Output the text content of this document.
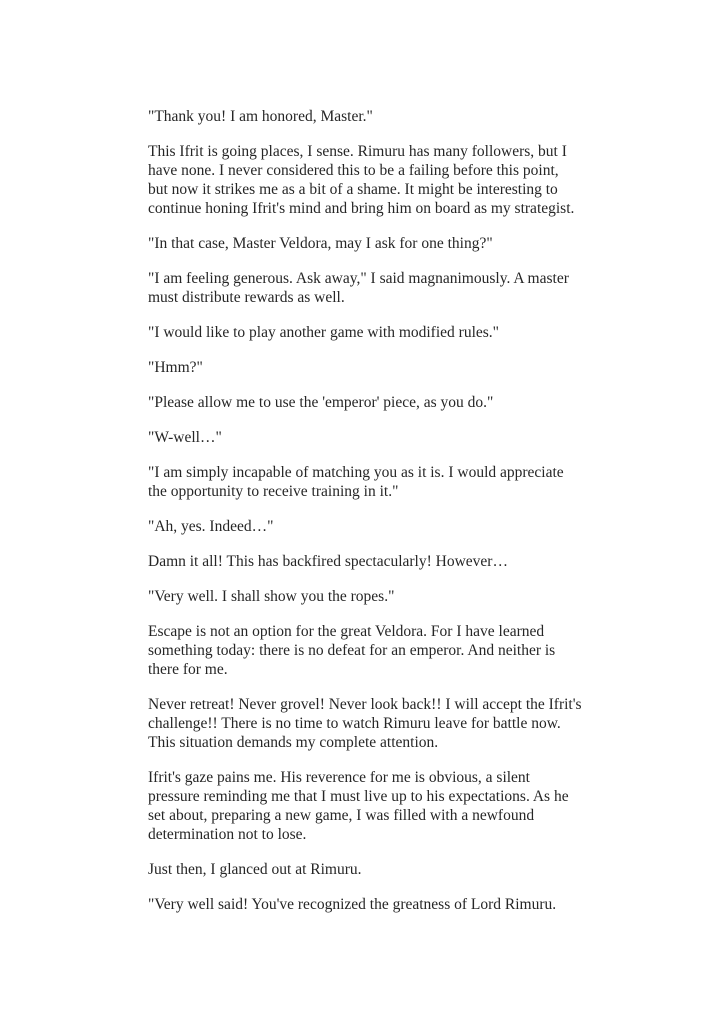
"Thank you! I am honored, Master."

This Ifrit is going places, I sense. Rimuru has many followers, but I have none. I never considered this to be a failing before this point, but now it strikes me as a bit of a shame. It might be interesting to continue honing Ifrit's mind and bring him on board as my strategist.

"In that case, Master Veldora, may I ask for one thing?"

"I am feeling generous. Ask away," I said magnanimously. A master must distribute rewards as well.

"I would like to play another game with modified rules."

"Hmm?"

"Please allow me to use the 'emperor' piece, as you do."

"W-well…"

"I am simply incapable of matching you as it is. I would appreciate the opportunity to receive training in it."

"Ah, yes. Indeed…"

Damn it all! This has backfired spectacularly! However…

"Very well. I shall show you the ropes."

Escape is not an option for the great Veldora. For I have learned something today: there is no defeat for an emperor. And neither is there for me.

Never retreat! Never grovel! Never look back!! I will accept the Ifrit's challenge!! There is no time to watch Rimuru leave for battle now. This situation demands my complete attention.

Ifrit's gaze pains me. His reverence for me is obvious, a silent pressure reminding me that I must live up to his expectations. As he set about, preparing a new game, I was filled with a newfound determination not to lose.

Just then, I glanced out at Rimuru.

"Very well said! You've recognized the greatness of Lord Rimuru.
